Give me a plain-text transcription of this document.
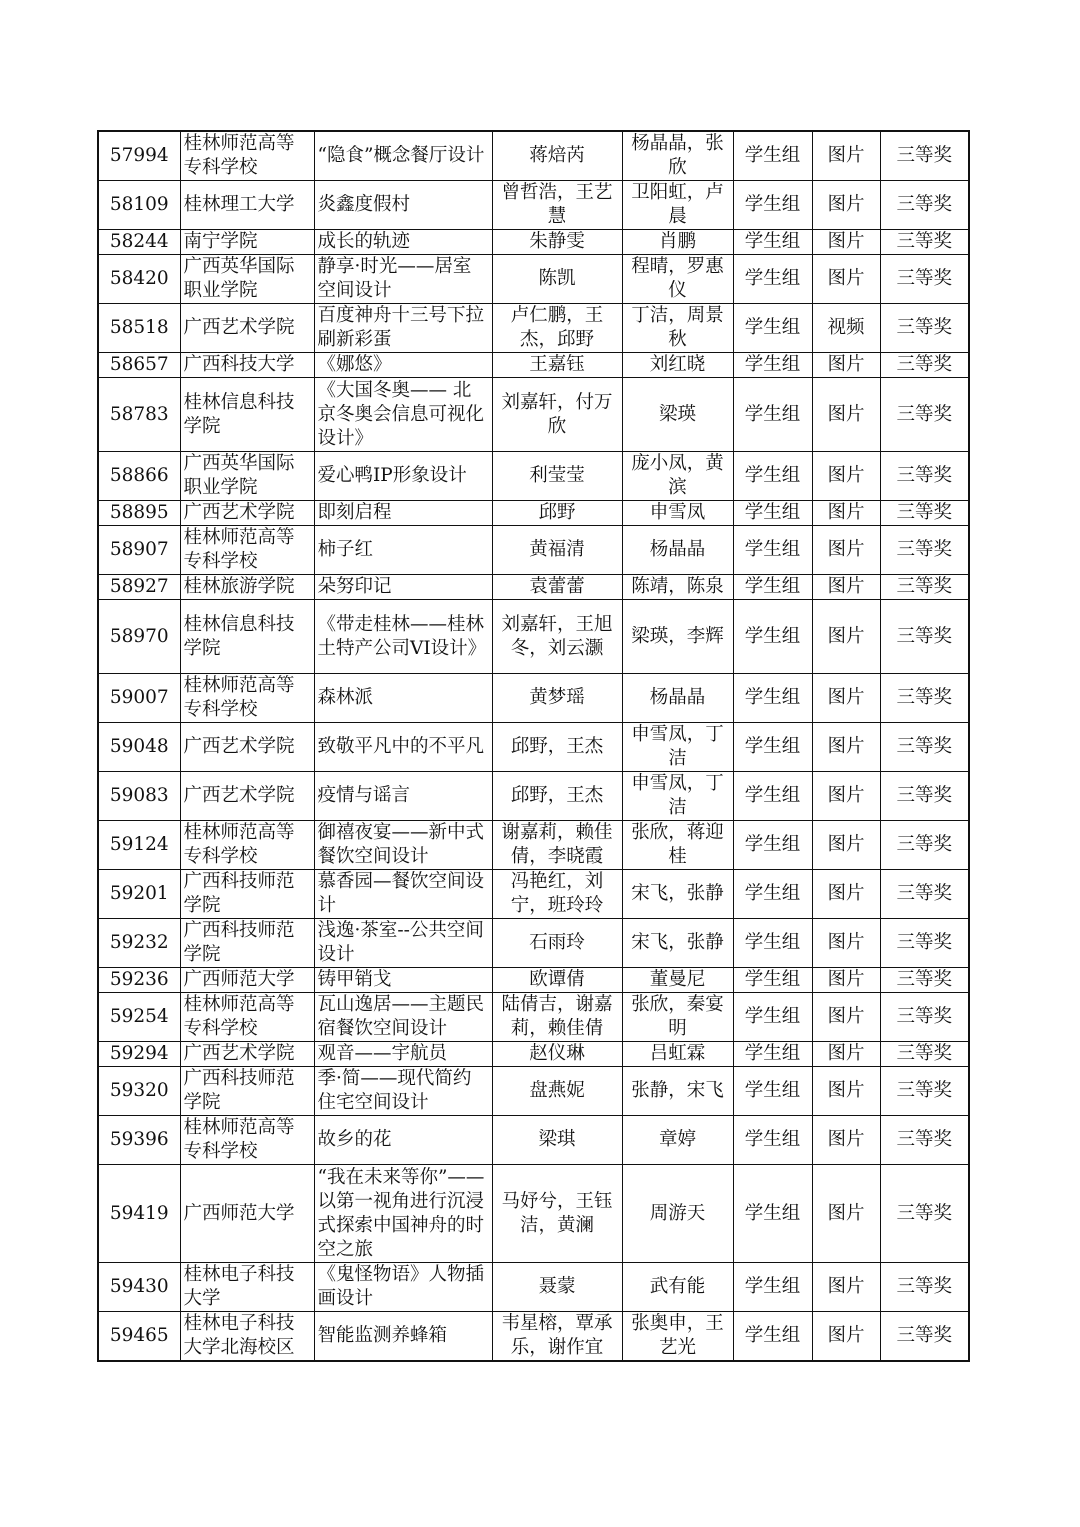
57994	桂林师范高等专科学校	“隐食”概念餐厅设计	蒋焙芮	杨晶晶，张欣	学生组	图片	三等奖
58109	桂林理工大学	炎鑫度假村	曾哲浩，王艺慧	卫阳虹，卢晨	学生组	图片	三等奖
58244	南宁学院	成长的轨迹	朱静雯	肖鹏	学生组	图片	三等奖
58420	广西英华国际职业学院	静享·时光——居室空间设计	陈凯	程晴，罗惠仪	学生组	图片	三等奖
58518	广西艺术学院	百度神舟十三号下拉刷新彩蛋	卢仁鹏，王杰，邱野	丁洁，周景秋	学生组	视频	三等奖
58657	广西科技大学	《娜悠》	王嘉钰	刘红晓	学生组	图片	三等奖
58783	桂林信息科技学院	《大国冬奥—— 北京冬奥会信息可视化设计》	刘嘉轩，付万欣	梁瑛	学生组	图片	三等奖
58866	广西英华国际职业学院	爱心鸭IP形象设计	利莹莹	庞小凤，黄滨	学生组	图片	三等奖
58895	广西艺术学院	即刻启程	邱野	申雪凤	学生组	图片	三等奖
58907	桂林师范高等专科学校	柿子红	黄福清	杨晶晶	学生组	图片	三等奖
58927	桂林旅游学院	朵努印记	袁蕾蕾	陈靖，陈泉	学生组	图片	三等奖
58970	桂林信息科技学院	《带走桂林——桂林土特产公司VI设计》	刘嘉轩，王旭冬，刘云灏	梁瑛，李辉	学生组	图片	三等奖
59007	桂林师范高等专科学校	森林派	黄梦瑶	杨晶晶	学生组	图片	三等奖
59048	广西艺术学院	致敬平凡中的不平凡	邱野，王杰	申雪凤，丁洁	学生组	图片	三等奖
59083	广西艺术学院	疫情与谣言	邱野，王杰	申雪凤，丁洁	学生组	图片	三等奖
59124	桂林师范高等专科学校	御禧夜宴——新中式餐饮空间设计	谢嘉莉，赖佳倩，李晓霞	张欣，蒋迎桂	学生组	图片	三等奖
59201	广西科技师范学院	慕香园—餐饮空间设计	冯艳红，刘宁，班玲玲	宋飞，张静	学生组	图片	三等奖
59232	广西科技师范学院	浅逸·茶室--公共空间设计	石雨玲	宋飞，张静	学生组	图片	三等奖
59236	广西师范大学	铸甲销戈	欧谭倩	董曼尼	学生组	图片	三等奖
59254	桂林师范高等专科学校	瓦山逸居——主题民宿餐饮空间设计	陆倩吉，谢嘉莉，赖佳倩	张欣，秦宴明	学生组	图片	三等奖
59294	广西艺术学院	观音——宇航员	赵仪琳	吕虹霖	学生组	图片	三等奖
59320	广西科技师范学院	季·简——现代简约住宅空间设计	盘燕妮	张静，宋飞	学生组	图片	三等奖
59396	桂林师范高等专科学校	故乡的花	梁琪	章婷	学生组	图片	三等奖
59419	广西师范大学	“我在未来等你”——以第一视角进行沉浸式探索中国神舟的时空之旅	马妤兮，王钰洁，黄澜	周游天	学生组	图片	三等奖
59430	桂林电子科技大学	《鬼怪物语》人物插画设计	聂蒙	武有能	学生组	图片	三等奖
59465	桂林电子科技大学北海校区	智能监测养蜂箱	韦星榕，覃承乐，谢作宜	张奥申，王艺光	学生组	图片	三等奖
